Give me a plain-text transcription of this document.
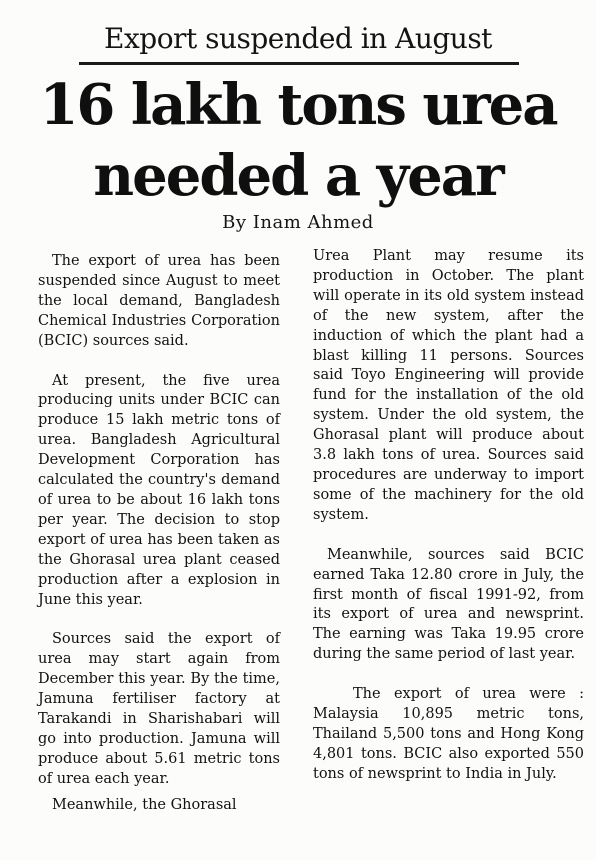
Export suspended in August
16 lakh tons urea
needed a year
By Inam Ahmed

The export of urea has been suspended since August to meet the local demand, Bangladesh Chemical Industries Corporation (BCIC) sources said.

At present, the five urea producing units under BCIC can produce 15 lakh metric tons of urea. Bangladesh Agricultural Development Corporation has calculated the country's demand of urea to be about 16 lakh tons per year. The decision to stop export of urea has been taken as the Ghorasal urea plant ceased production after a explosion in June this year.

Sources said the export of urea may start again from December this year. By the time, Jamuna fertiliser factory at Tarakandi in Sharishabari will go into production. Jamuna will produce about 5.61 metric tons of urea each year.

Meanwhile, the Ghorasal

Urea Plant may resume its production in October. The plant will operate in its old system instead of the new system, after the induction of which the plant had a blast killing 11 persons. Sources said Toyo Engineering will provide fund for the installation of the old system. Under the old system, the Ghorasal plant will produce about 3.8 lakh tons of urea. Sources said procedures are underway to import some of the machinery for the old system.

Meanwhile, sources said BCIC earned Taka 12.80 crore in July, the first month of fiscal 1991-92, from its export of urea and newsprint. The earning was Taka 19.95 crore during the same period of last year.

The export of urea were : Malaysia 10,895 metric tons, Thailand 5,500 tons and Hong Kong 4,801 tons. BCIC also exported 550 tons of newsprint to India in July.
